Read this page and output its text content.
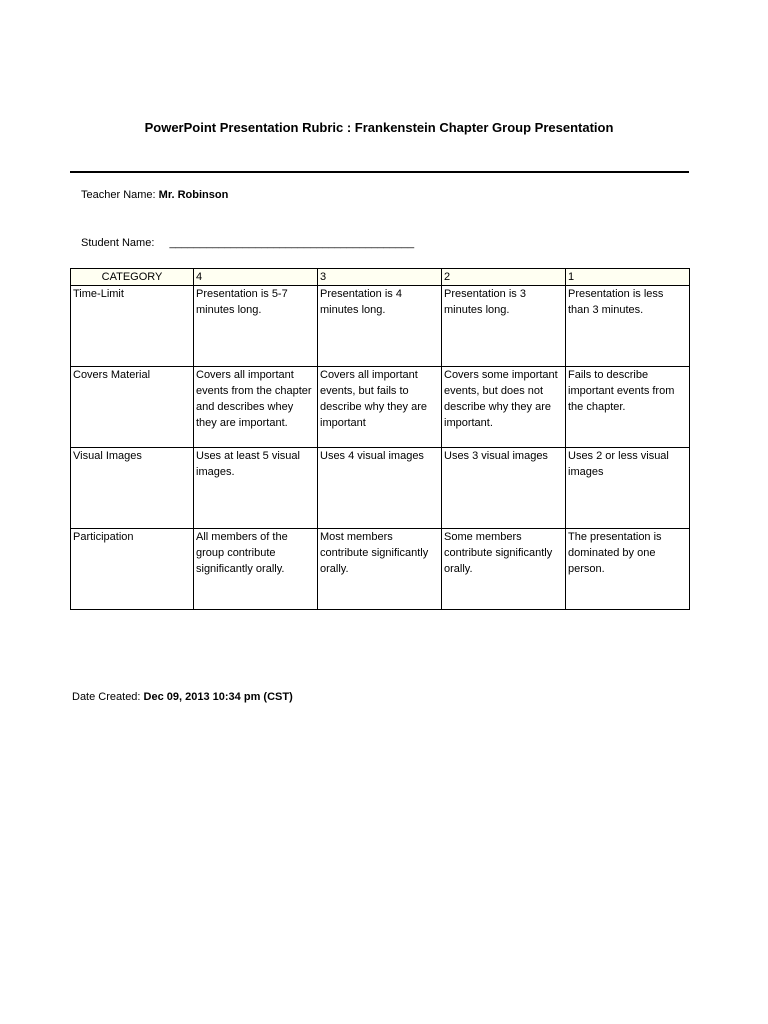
PowerPoint Presentation Rubric : Frankenstein Chapter Group Presentation
Teacher Name: Mr. Robinson
Student Name: ________________________________________
CATEGORY	4	3	2	1
Time-Limit	Presentation is 5-7 minutes long.	Presentation is 4 minutes long.	Presentation is 3 minutes long.	Presentation is less than 3 minutes.
Covers Material	Covers all important events from the chapter and describes whey they are important.	Covers all important events, but fails to describe why they are important	Covers some important events, but does not describe why they are important.	Fails to describe important events from the chapter.
Visual Images	Uses at least 5 visual images.	Uses 4 visual images	Uses 3 visual images	Uses 2 or less visual images
Participation	All members of the group contribute significantly orally.	Most members contribute significantly orally.	Some members contribute significantly orally.	The presentation is dominated by one person.
Date Created: Dec 09, 2013 10:34 pm (CST)
